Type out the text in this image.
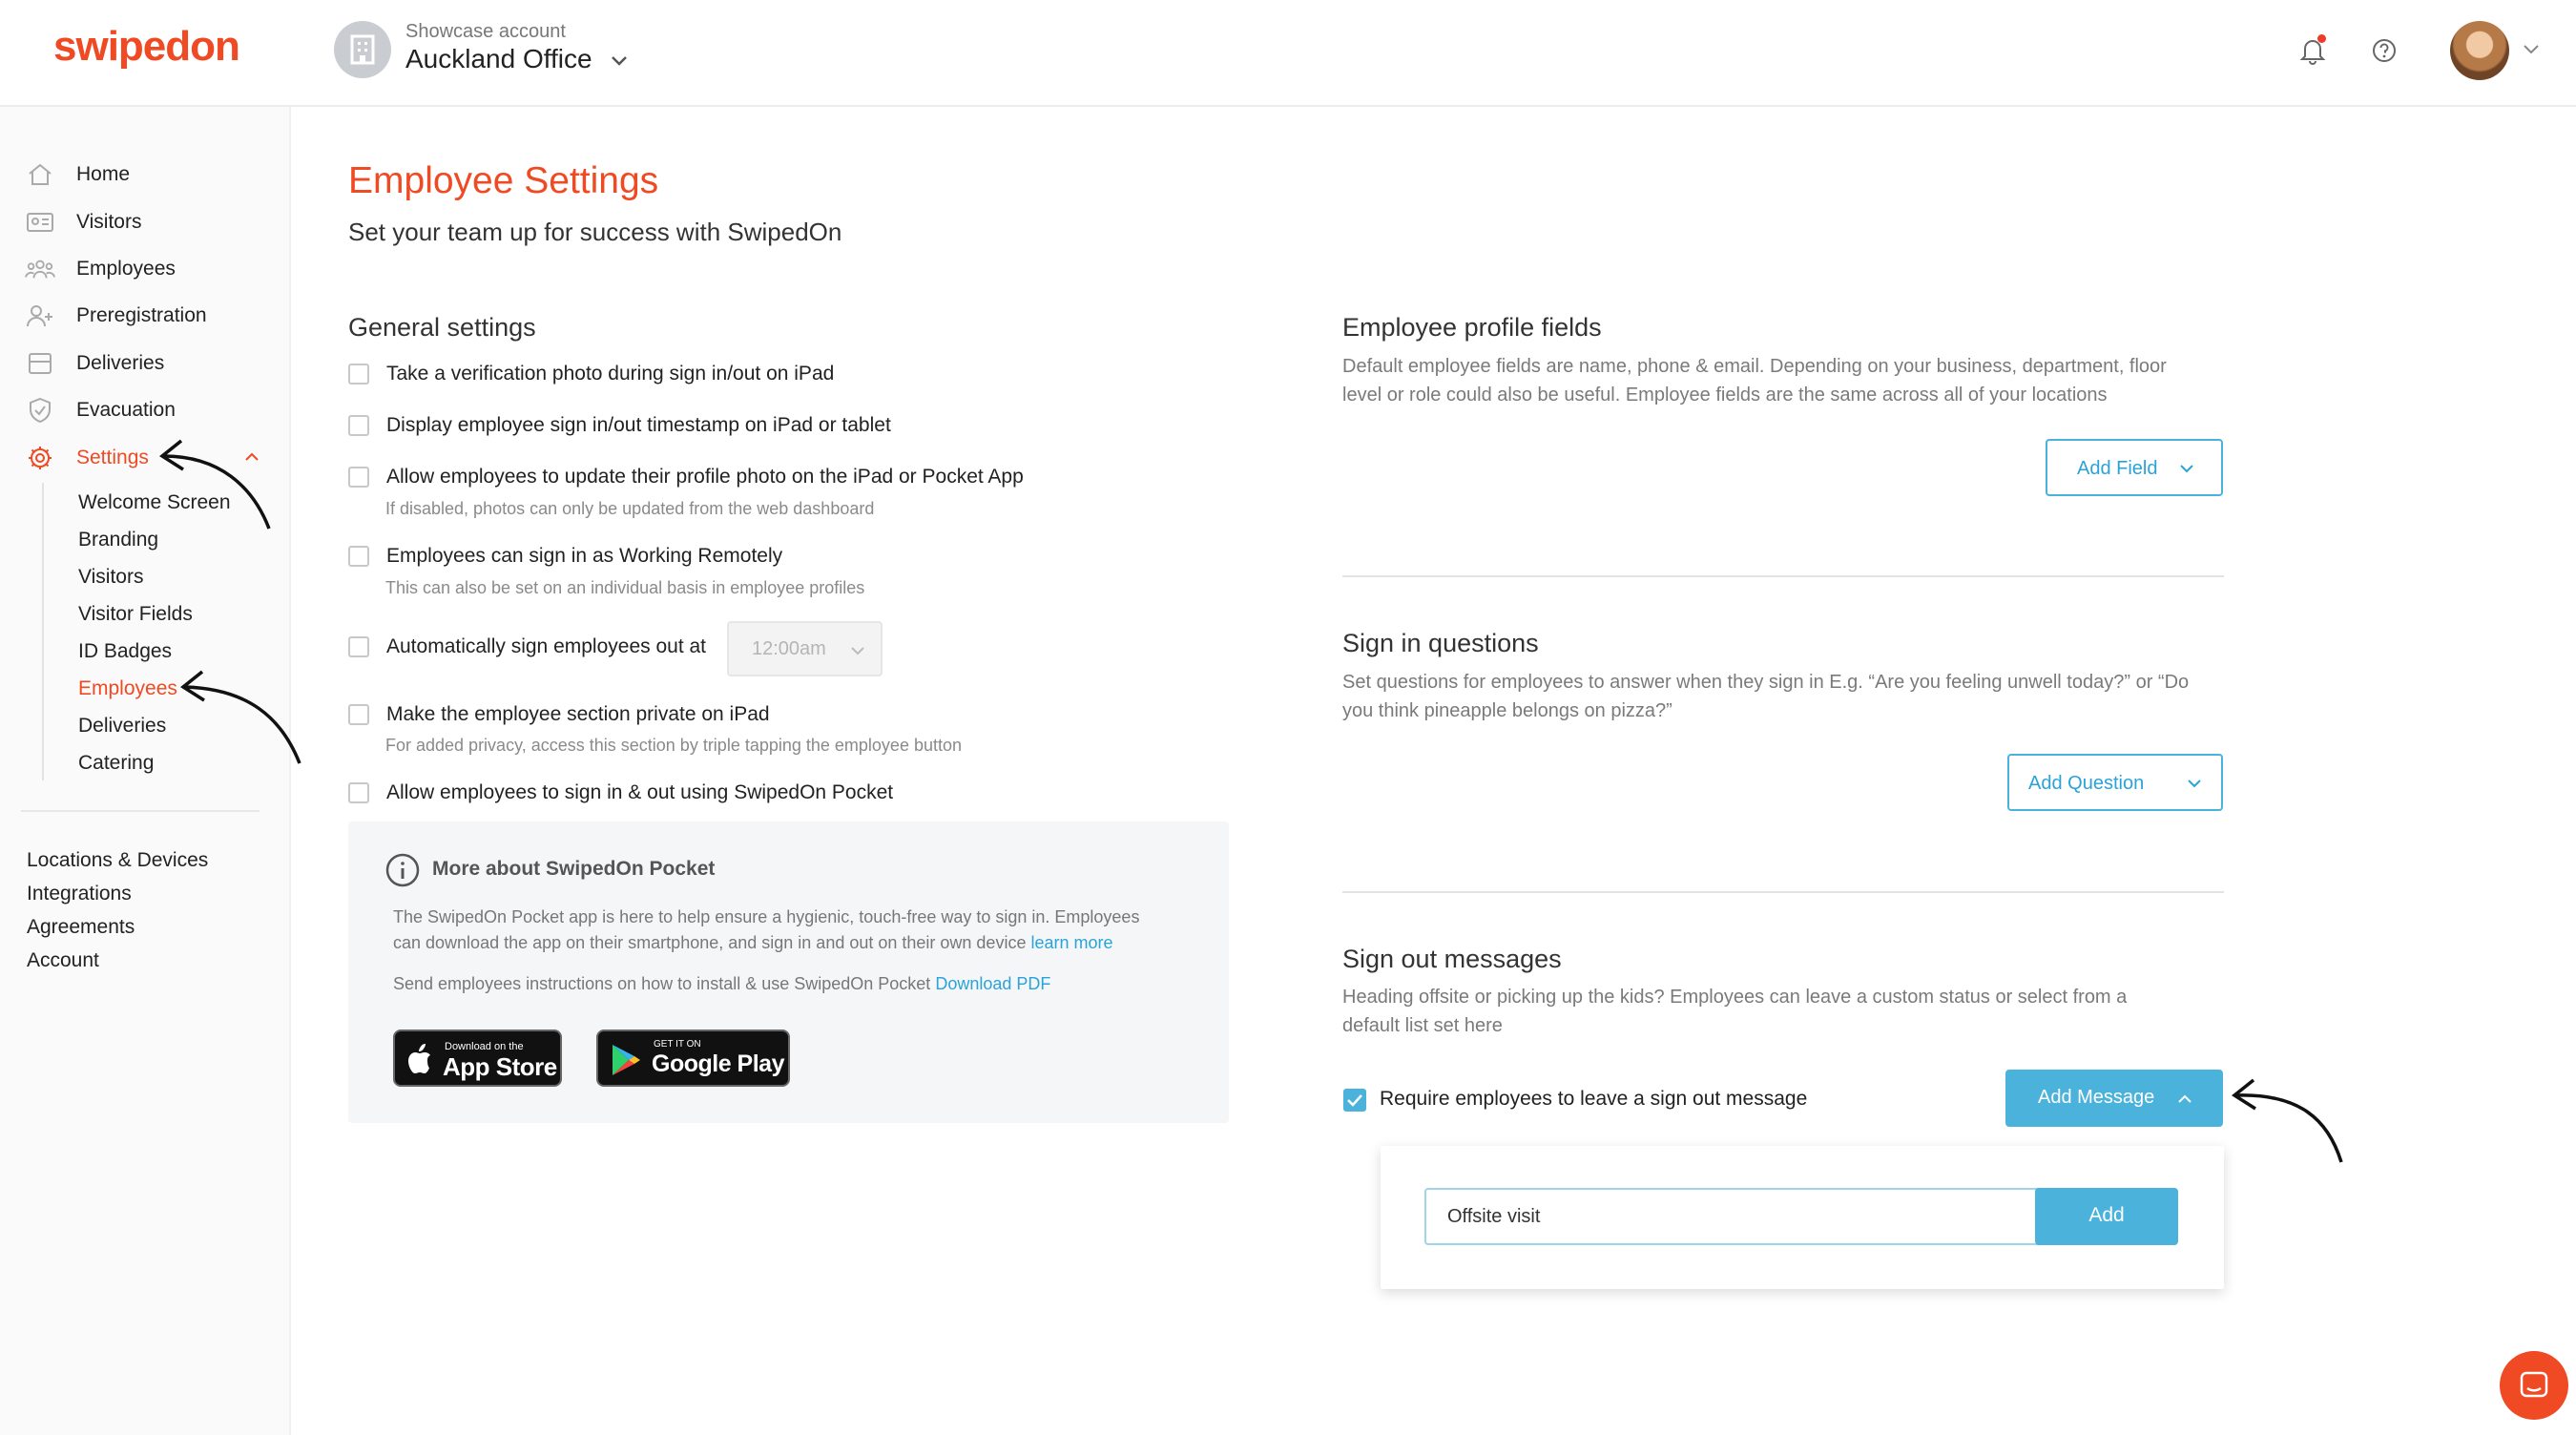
swipedon	Showcase account
Auckland Office
Home
Visitors
Employees
Preregistration
Deliveries
Evacuation
Settings
Welcome Screen
Branding
Visitors
Visitor Fields
ID Badges
Employees
Deliveries
Catering
Locations & Devices
Integrations
Agreements
Account
Employee Settings
Set your team up for success with SwipedOn
General settings
Take a verification photo during sign in/out on iPad
Display employee sign in/out timestamp on iPad or tablet
Allow employees to update their profile photo on the iPad or Pocket App
If disabled, photos can only be updated from the web dashboard
Employees can sign in as Working Remotely
This can also be set on an individual basis in employee profiles
Automatically sign employees out at	12:00am
Make the employee section private on iPad
For added privacy, access this section by triple tapping the employee button
Allow employees to sign in & out using SwipedOn Pocket
More about SwipedOn Pocket
The SwipedOn Pocket app is here to help ensure a hygienic, touch-free way to sign in. Employees
can download the app on their smartphone, and sign in and out on their own device learn more
Send employees instructions on how to install & use SwipedOn Pocket Download PDF
Download on the
App Store
GET IT ON
Google Play
Employee profile fields
Default employee fields are name, phone & email. Depending on your business, department, floor
level or role could also be useful. Employee fields are the same across all of your locations
Add Field
Sign in questions
Set questions for employees to answer when they sign in E.g. “Are you feeling unwell today?” or “Do
you think pineapple belongs on pizza?”
Add Question
Sign out messages
Heading offsite or picking up the kids? Employees can leave a custom status or select from a
default list set here
Require employees to leave a sign out message	Add Message
Offsite visit	Add
